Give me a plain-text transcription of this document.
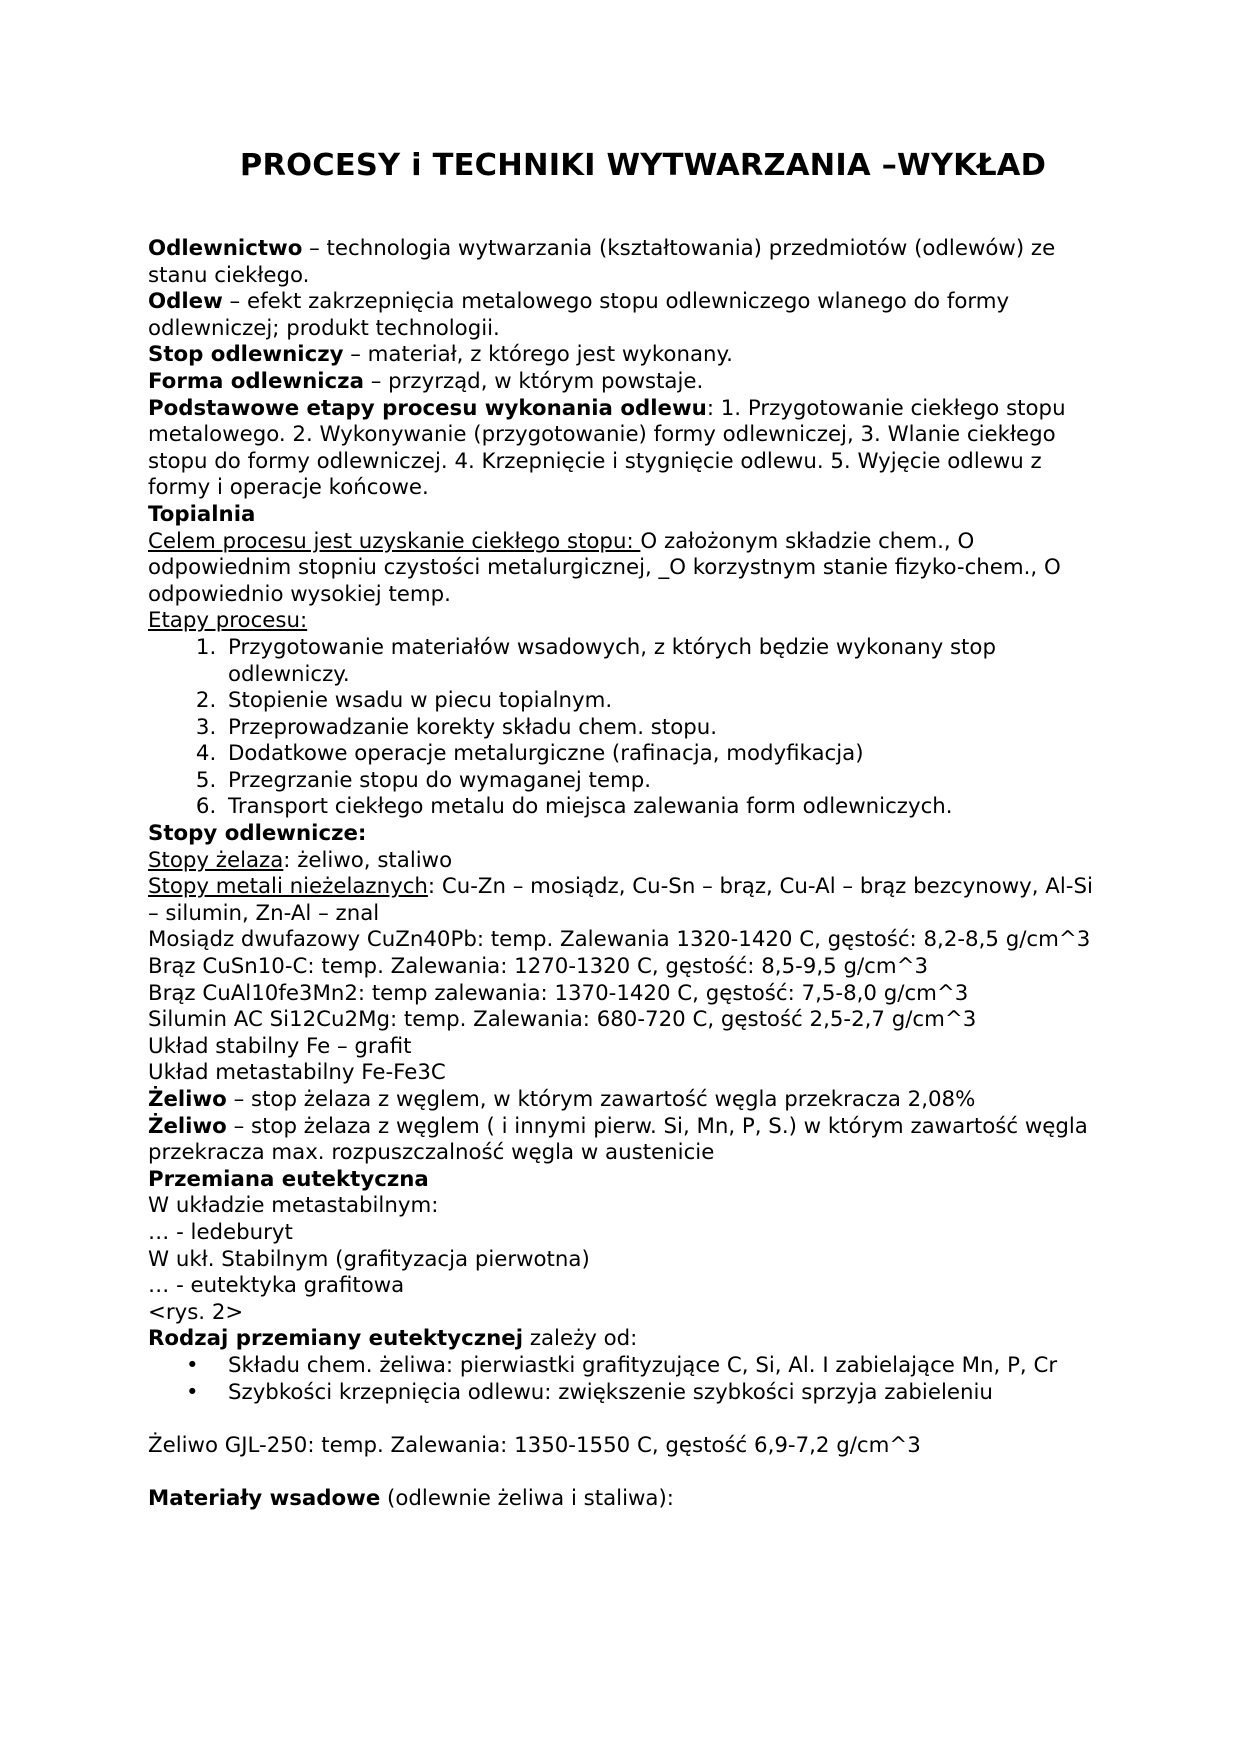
PROCESY i TECHNIKI WYTWARZANIA –WYKŁAD

Odlewnictwo – technologia wytwarzania (kształtowania) przedmiotów (odlewów) ze stanu ciekłego.

Odlew – efekt zakrzepnięcia metalowego stopu odlewniczego wlanego do formy odlewniczej; produkt technologii.

Stop odlewniczy – materiał, z którego jest wykonany.

Forma odlewnicza – przyrząd, w którym powstaje.

Podstawowe etapy procesu wykonania odlewu: 1. Przygotowanie ciekłego stopu metalowego. 2. Wykonywanie (przygotowanie) formy odlewniczej, 3. Wlanie ciekłego stopu do formy odlewniczej. 4. Krzepnięcie i stygnięcie odlewu. 5. Wyjęcie odlewu z formy i operacje końcowe.

Topialnia

Celem procesu jest uzyskanie ciekłego stopu: O założonym składzie chem., O odpowiednim stopniu czystości metalurgicznej, _O korzystnym stanie fizyko-chem., O odpowiednio wysokiej temp.

Etapy procesu:

1. Przygotowanie materiałów wsadowych, z których będzie wykonany stop odlewniczy.
2. Stopienie wsadu w piecu topialnym.
3. Przeprowadzanie korekty składu chem. stopu.
4. Dodatkowe operacje metalurgiczne (rafinacja, modyfikacja)
5. Przegrzanie stopu do wymaganej temp.
6. Transport ciekłego metalu do miejsca zalewania form odlewniczych.

Stopy odlewnicze:

Stopy żelaza: żeliwo, staliwo

Stopy metali nieżelaznych: Cu-Zn – mosiądz, Cu-Sn – brąz, Cu-Al – brąz bezcynowy, Al-Si – silumin, Zn-Al – znal

Mosiądz dwufazowy CuZn40Pb: temp. Zalewania 1320-1420 C, gęstość: 8,2-8,5 g/cm^3

Brąz CuSn10-C: temp. Zalewania: 1270-1320 C, gęstość: 8,5-9,5 g/cm^3

Brąz CuAl10fe3Mn2: temp zalewania: 1370-1420 C, gęstość: 7,5-8,0 g/cm^3

Silumin AC Si12Cu2Mg: temp. Zalewania: 680-720 C, gęstość 2,5-2,7 g/cm^3

Układ stabilny Fe – grafit

Układ metastabilny Fe-Fe3C

Żeliwo – stop żelaza z węglem, w którym zawartość węgla przekracza 2,08%

Żeliwo – stop żelaza z węglem ( i innymi pierw. Si, Mn, P, S.) w którym zawartość węgla przekracza max. rozpuszczalność węgla w austenicie

Przemiana eutektyczna

W układzie metastabilnym:

… - ledeburyt

W ukł. Stabilnym (grafityzacja pierwotna)

… - eutektyka grafitowa

<rys. 2>

Rodzaj przemiany eutektycznej zależy od:

• Składu chem. żeliwa: pierwiastki grafityzujące C, Si, Al. I zabielające Mn, P, Cr
• Szybkości krzepnięcia odlewu: zwiększenie szybkości sprzyja zabieleniu

Żeliwo GJL-250: temp. Zalewania: 1350-1550 C, gęstość 6,9-7,2 g/cm^3

Materiały wsadowe (odlewnie żeliwa i staliwa):
